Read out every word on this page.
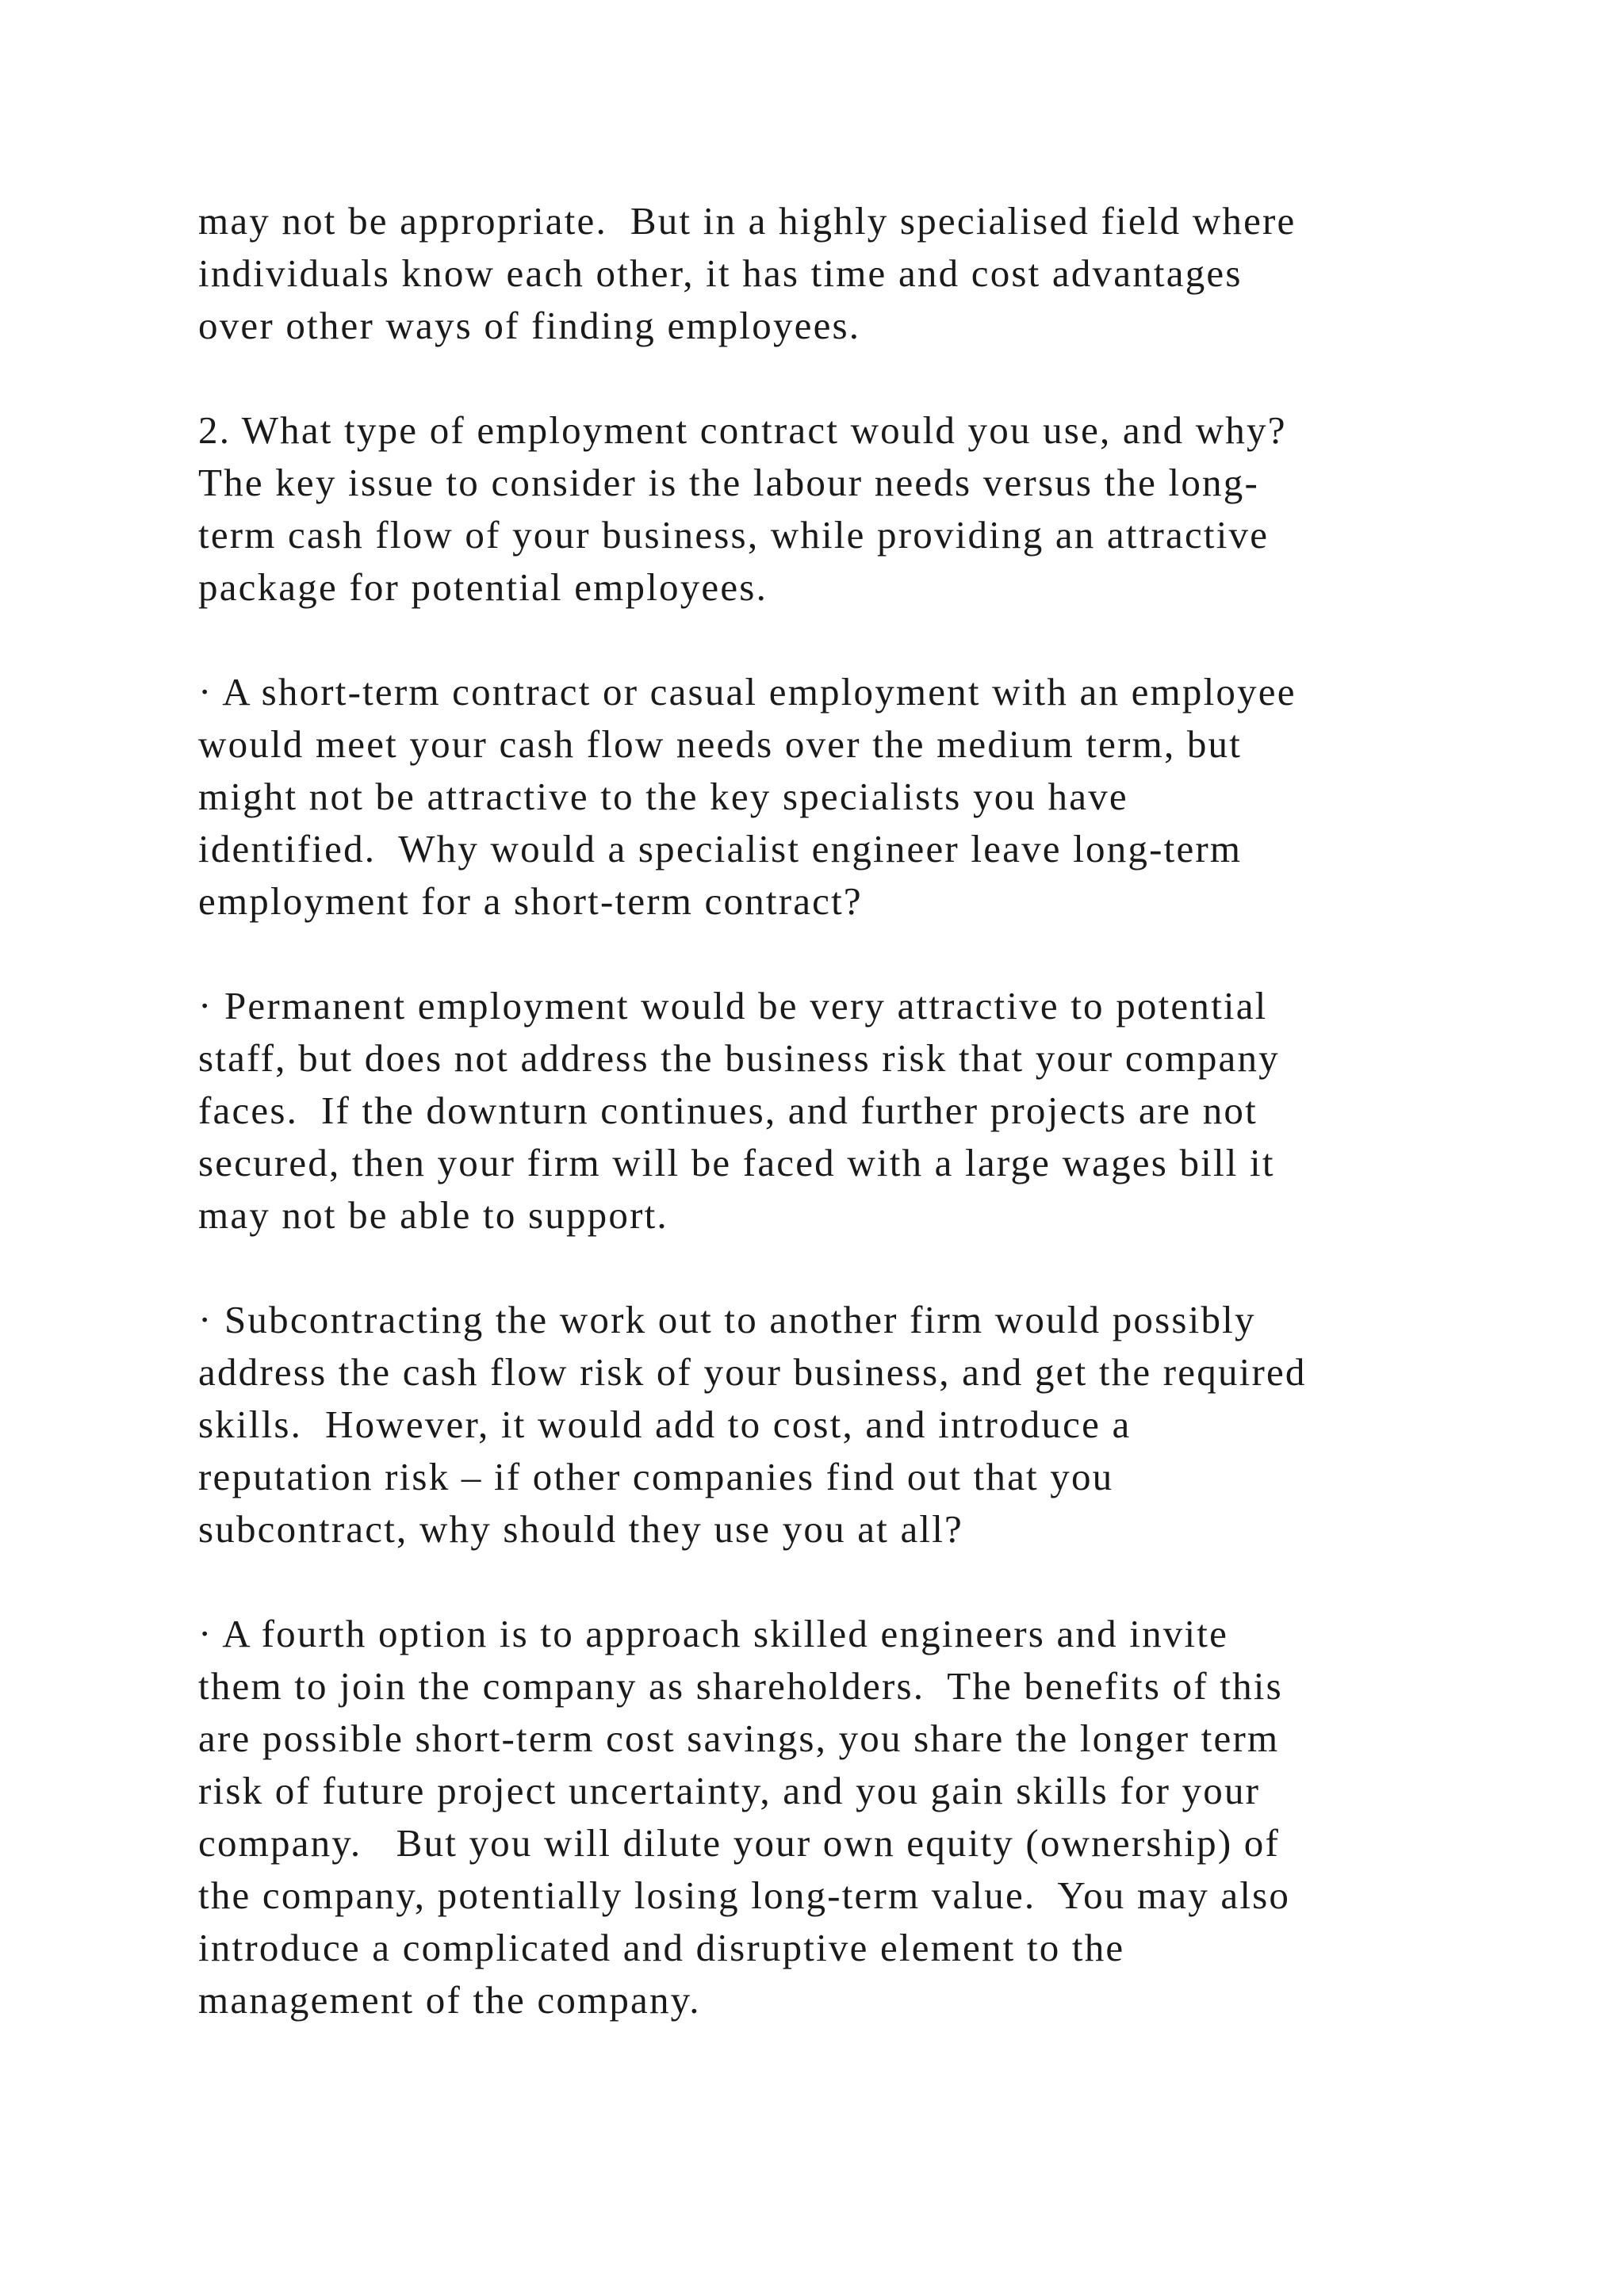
may not be appropriate.  But in a highly specialised field where
individuals know each other, it has time and cost advantages
over other ways of finding employees.

2. What type of employment contract would you use, and why?
The key issue to consider is the labour needs versus the long-
term cash flow of your business, while providing an attractive
package for potential employees.

· A short-term contract or casual employment with an employee
would meet your cash flow needs over the medium term, but
might not be attractive to the key specialists you have
identified.  Why would a specialist engineer leave long-term
employment for a short-term contract?

· Permanent employment would be very attractive to potential
staff, but does not address the business risk that your company
faces.  If the downturn continues, and further projects are not
secured, then your firm will be faced with a large wages bill it
may not be able to support.

· Subcontracting the work out to another firm would possibly
address the cash flow risk of your business, and get the required
skills.  However, it would add to cost, and introduce a
reputation risk – if other companies find out that you
subcontract, why should they use you at all?

· A fourth option is to approach skilled engineers and invite
them to join the company as shareholders.  The benefits of this
are possible short-term cost savings, you share the longer term
risk of future project uncertainty, and you gain skills for your
company.   But you will dilute your own equity (ownership) of
the company, potentially losing long-term value.  You may also
introduce a complicated and disruptive element to the
management of the company.
